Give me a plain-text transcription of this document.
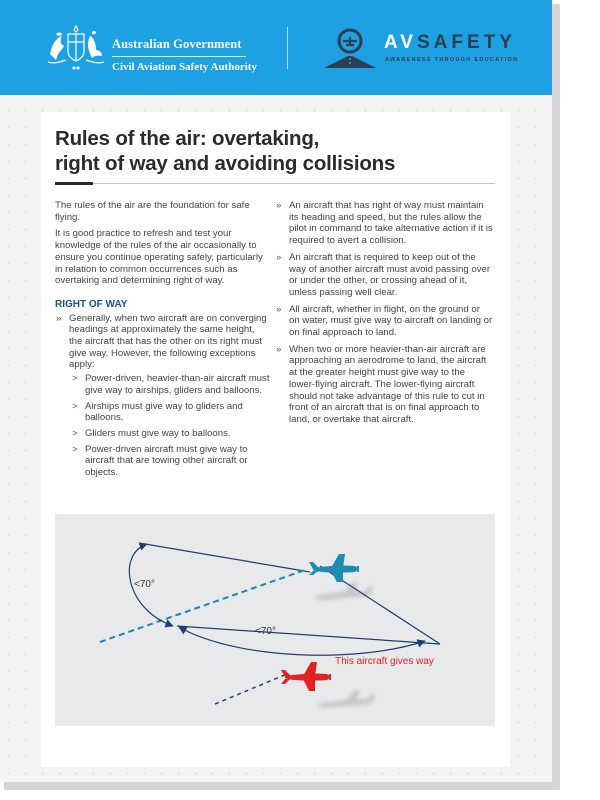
Australian Government
Civil Aviation Safety Authority
AVSAFETY
AWARENESS THROUGH EDUCATION
Rules of the air: overtaking,
right of way and avoiding collisions

The rules of the air are the foundation for safe flying.

It is good practice to refresh and test your knowledge of the rules of the air occasionally to ensure you continue operating safely, particularly in relation to common occurrences such as overtaking and determining right of way.

RIGHT OF WAY
» Generally, when two aircraft are on converging headings at approximately the same height, the aircraft that has the other on its right must give way. However, the following exceptions apply:
> Power-driven, heavier-than-air aircraft must give way to airships, gliders and balloons.
> Airships must give way to gliders and balloons.
> Gliders must give way to balloons.
> Power-driven aircraft must give way to aircraft that are towing other aircraft or objects.
» An aircraft that has right of way must maintain its heading and speed, but the rules allow the pilot in command to take alternative action if it is required to avert a collision.
» An aircraft that is required to keep out of the way of another aircraft must avoid passing over or under the other, or crossing ahead of it, unless passing well clear.
» All aircraft, whether in flight, on the ground or on water, must give way to aircraft on landing or on final approach to land.
» When two or more heavier-than-air aircraft are approaching an aerodrome to land, the aircraft at the greater height must give way to the lower-flying aircraft. The lower-flying aircraft should not take advantage of this rule to cut in front of an aircraft that is on final approach to land, or overtake that aircraft.
<70°
<70°
This aircraft gives way
